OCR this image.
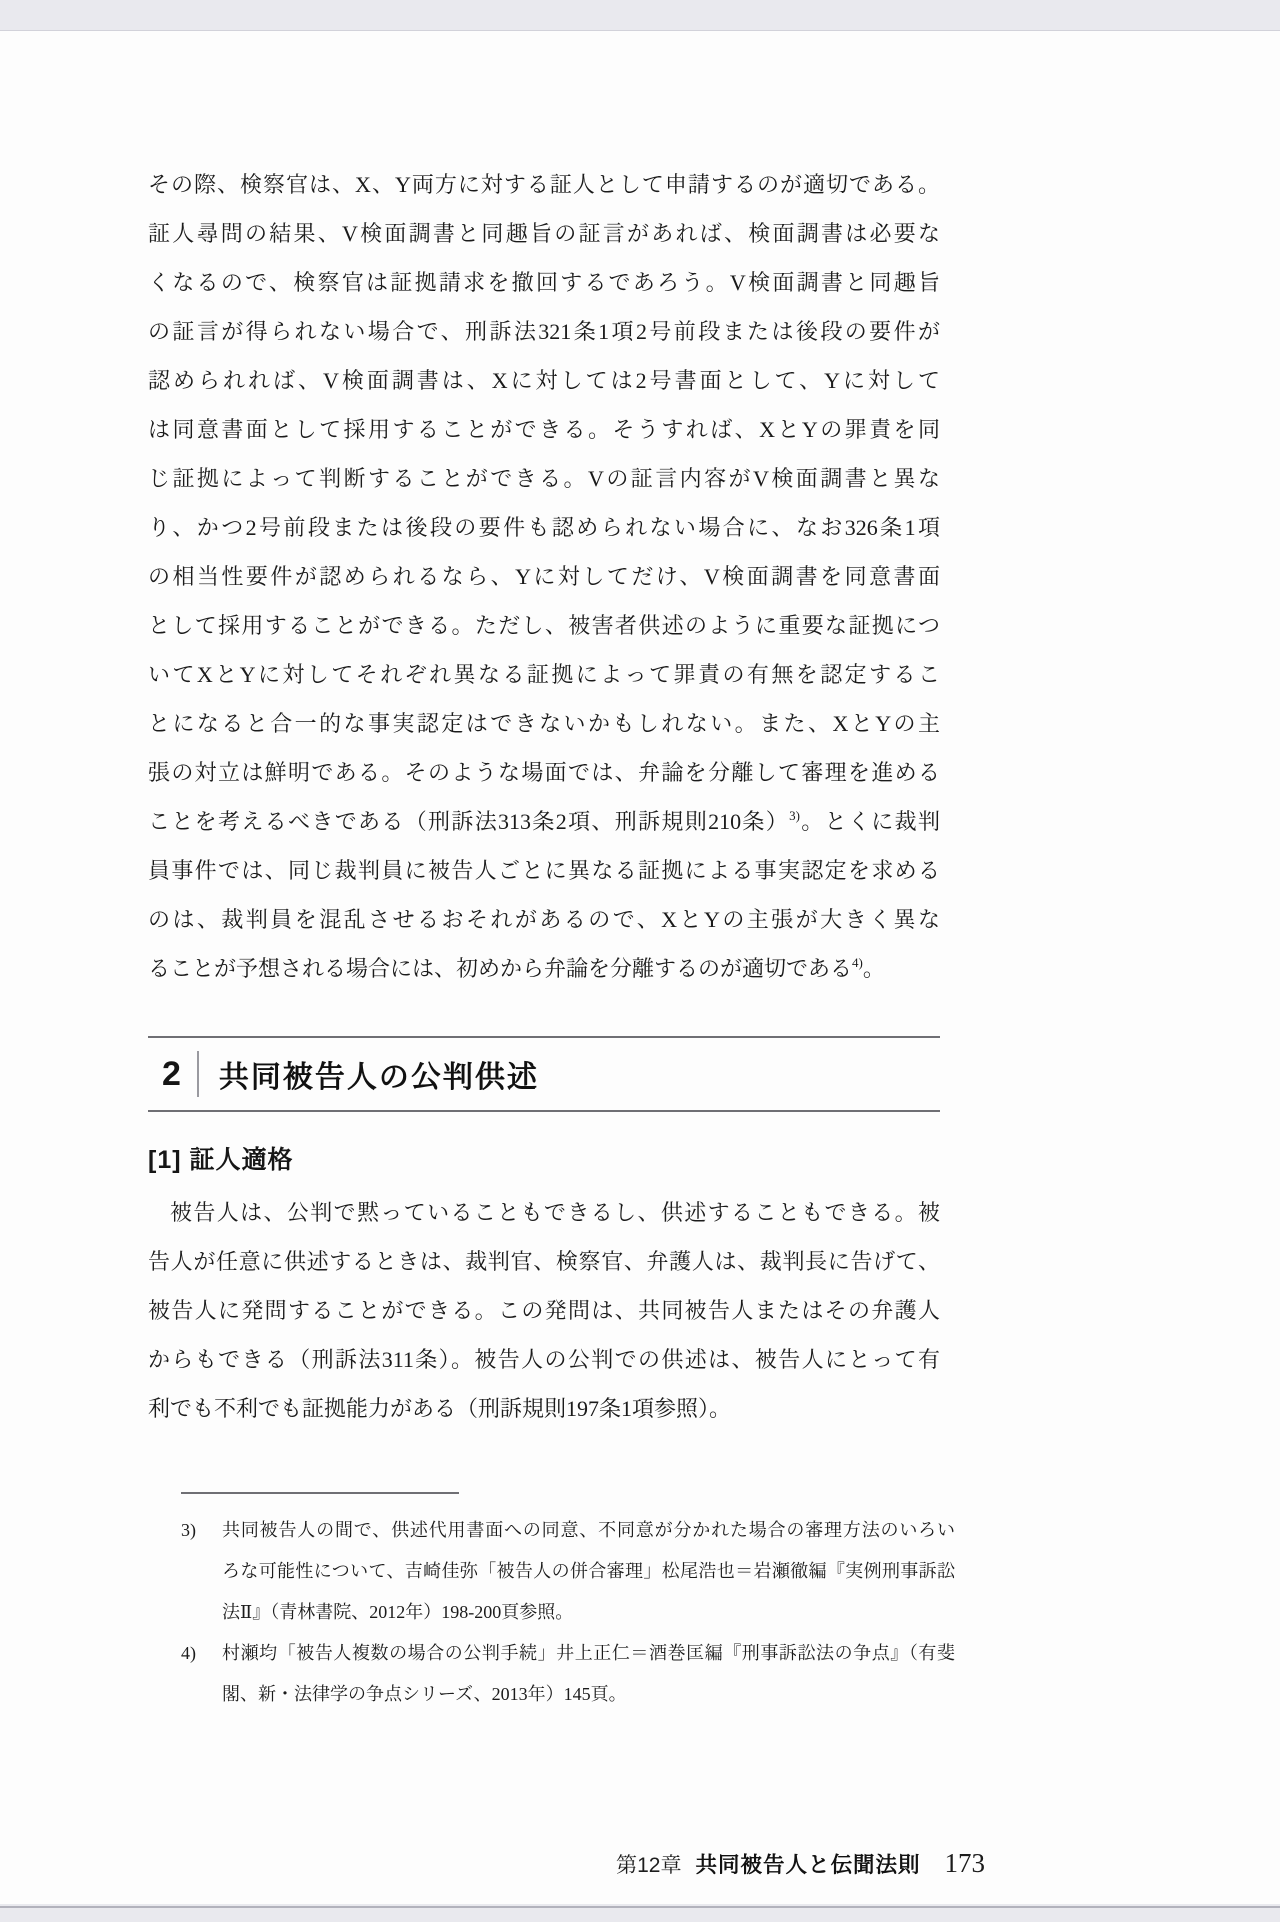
その際、検察官は、X、Y両方に対する証人として申請するのが適切である。
証人尋問の結果、V検面調書と同趣旨の証言があれば、検面調書は必要な
くなるので、検察官は証拠請求を撤回するであろう。V検面調書と同趣旨
の証言が得られない場合で、刑訴法321条1項2号前段または後段の要件が
認められれば、V検面調書は、Xに対しては2号書面として、Yに対して
は同意書面として採用することができる。そうすれば、XとYの罪責を同
じ証拠によって判断することができる。Vの証言内容がV検面調書と異な
り、かつ2号前段または後段の要件も認められない場合に、なお326条1項
の相当性要件が認められるなら、Yに対してだけ、V検面調書を同意書面
として採用することができる。ただし、被害者供述のように重要な証拠につ
いてXとYに対してそれぞれ異なる証拠によって罪責の有無を認定するこ
とになると合一的な事実認定はできないかもしれない。また、XとYの主
張の対立は鮮明である。そのような場面では、弁論を分離して審理を進める
ことを考えるべきである（刑訴法313条2項、刑訴規則210条）$^{3)}$。とくに裁判
員事件では、同じ裁判員に被告人ごとに異なる証拠による事実認定を求める
のは、裁判員を混乱させるおそれがあるので、XとYの主張が大きく異な
ることが予想される場合には、初めから弁論を分離するのが適切である$^{4)}$。
2 共同被告人の公判供述
[1] 証人適格
被告人は、公判で黙っていることもできるし、供述することもできる。被
告人が任意に供述するときは、裁判官、検察官、弁護人は、裁判長に告げて、
被告人に発問することができる。この発問は、共同被告人またはその弁護人
からもできる（刑訴法311条）。被告人の公判での供述は、被告人にとって有
利でも不利でも証拠能力がある（刑訴規則197条1項参照）。
3)	共同被告人の間で、供述代用書面への同意、不同意が分かれた場合の審理方法のいろい
ろな可能性について、吉崎佳弥「被告人の併合審理」松尾浩也＝岩瀬徹編『実例刑事訴訟
法Ⅱ』（青林書院、2012年）198-200頁参照。
4)	村瀬均「被告人複数の場合の公判手続」井上正仁＝酒巻匡編『刑事訴訟法の争点』（有斐
閣、新・法律学の争点シリーズ、2013年）145頁。
第12章 共同被告人と伝聞法則 173
